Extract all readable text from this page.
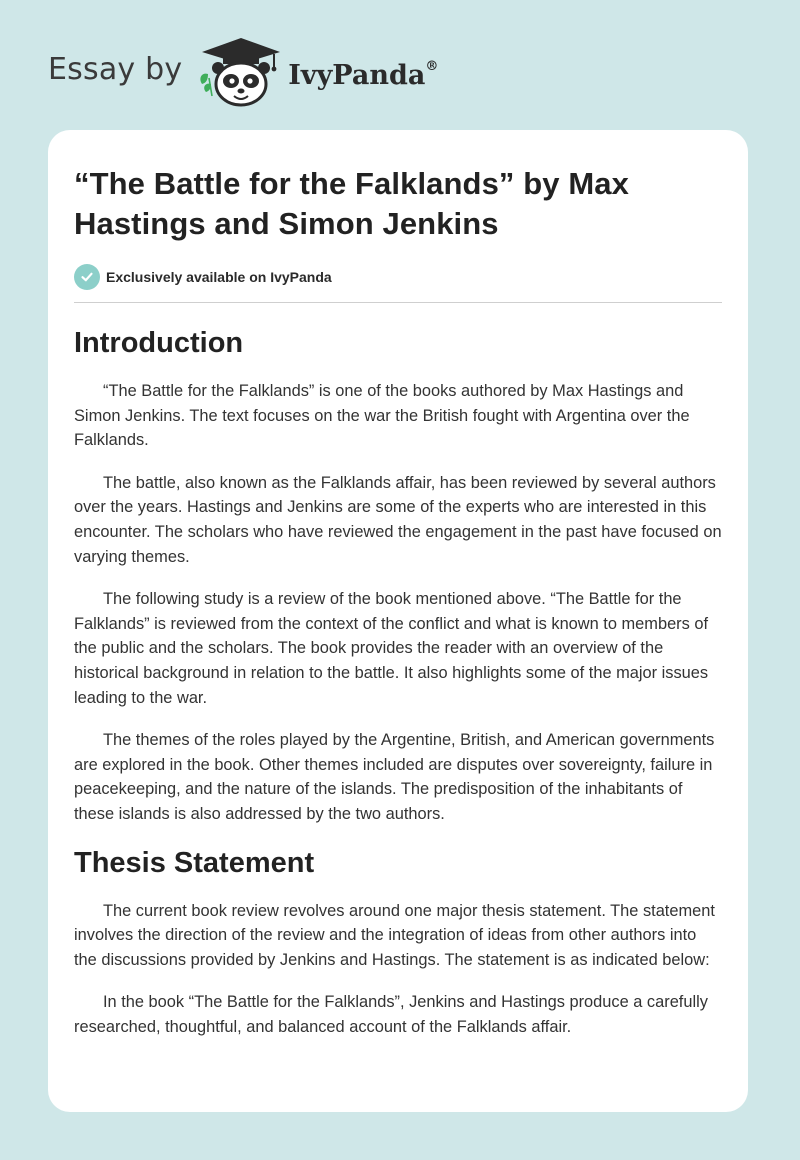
Essay by	IvyPanda®
“The Battle for the Falklands” by Max Hastings and Simon Jenkins
Exclusively available on IvyPanda
Introduction

“The Battle for the Falklands” is one of the books authored by Max Hastings and Simon Jenkins. The text focuses on the war the British fought with Argentina over the Falklands.

The battle, also known as the Falklands affair, has been reviewed by several authors over the years. Hastings and Jenkins are some of the experts who are interested in this encounter. The scholars who have reviewed the engagement in the past have focused on varying themes.

The following study is a review of the book mentioned above. “The Battle for the Falklands” is reviewed from the context of the conflict and what is known to members of the public and the scholars. The book provides the reader with an overview of the historical background in relation to the battle. It also highlights some of the major issues leading to the war.

The themes of the roles played by the Argentine, British, and American governments are explored in the book. Other themes included are disputes over sovereignty, failure in peacekeeping, and the nature of the islands. The predisposition of the inhabitants of these islands is also addressed by the two authors.

Thesis Statement

The current book review revolves around one major thesis statement. The statement involves the direction of the review and the integration of ideas from other authors into the discussions provided by Jenkins and Hastings. The statement is as indicated below:

In the book “The Battle for the Falklands”, Jenkins and Hastings produce a carefully researched, thoughtful, and balanced account of the Falklands affair.
